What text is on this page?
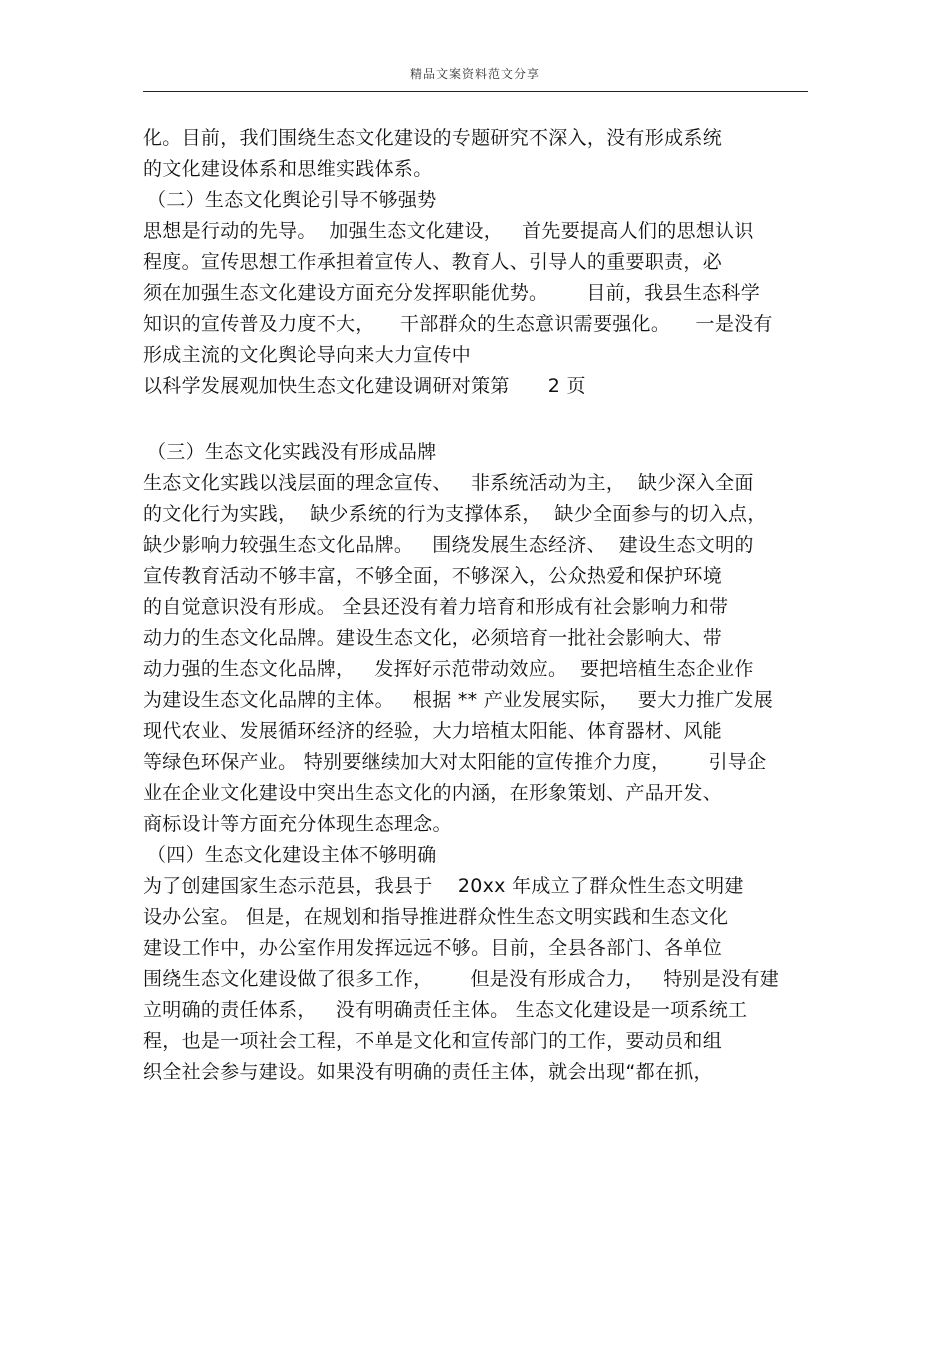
精品文案资料范文分享
化。目前，我们围绕生态文化建设的专题研究不深入，没有形成系统
的文化建设体系和思维实践体系。
（二）生态文化舆论引导不够强势
思想是行动的先导。  加强生态文化建设，   首先要提高人们的思想认识
程度。宣传思想工作承担着宣传人、教育人、引导人的重要职责，必
须在加强生态文化建设方面充分发挥职能优势。      目前，我县生态科学
知识的宣传普及力度不大，    干部群众的生态意识需要强化。    一是没有
形成主流的文化舆论导向来大力宣传中
以科学发展观加快生态文化建设调研对策第      2 页
（三）生态文化实践没有形成品牌
生态文化实践以浅层面的理念宣传、   非系统活动为主，  缺少深入全面
的文化行为实践，  缺少系统的行为支撑体系，  缺少全面参与的切入点，
缺少影响力较强生态文化品牌。   围绕发展生态经济、  建设生态文明的
宣传教育活动不够丰富，不够全面，不够深入，公众热爱和保护环境
的自觉意识没有形成。 全县还没有着力培育和形成有社会影响力和带
动力的生态文化品牌。建设生态文化，必须培育一批社会影响大、带
动力强的生态文化品牌，   发挥好示范带动效应。  要把培植生态企业作
为建设生态文化品牌的主体。   根据 ** 产业发展实际，   要大力推广发展
现代农业、发展循环经济的经验，大力培植太阳能、体育器材、风能
等绿色环保产业。 特别要继续加大对太阳能的宣传推介力度，      引导企
业在企业文化建设中突出生态文化的内涵，在形象策划、产品开发、
商标设计等方面充分体现生态理念。
（四）生态文化建设主体不够明确
为了创建国家生态示范县，我县于    20xx 年成立了群众性生态文明建
设办公室。 但是，在规划和指导推进群众性生态文明实践和生态文化
建设工作中，办公室作用发挥远远不够。目前，全县各部门、各单位
围绕生态文化建设做了很多工作，      但是没有形成合力，   特别是没有建
立明确的责任体系，   没有明确责任主体。 生态文化建设是一项系统工
程，也是一项社会工程，不单是文化和宣传部门的工作，要动员和组
织全社会参与建设。如果没有明确的责任主体，就会出现“都在抓，
